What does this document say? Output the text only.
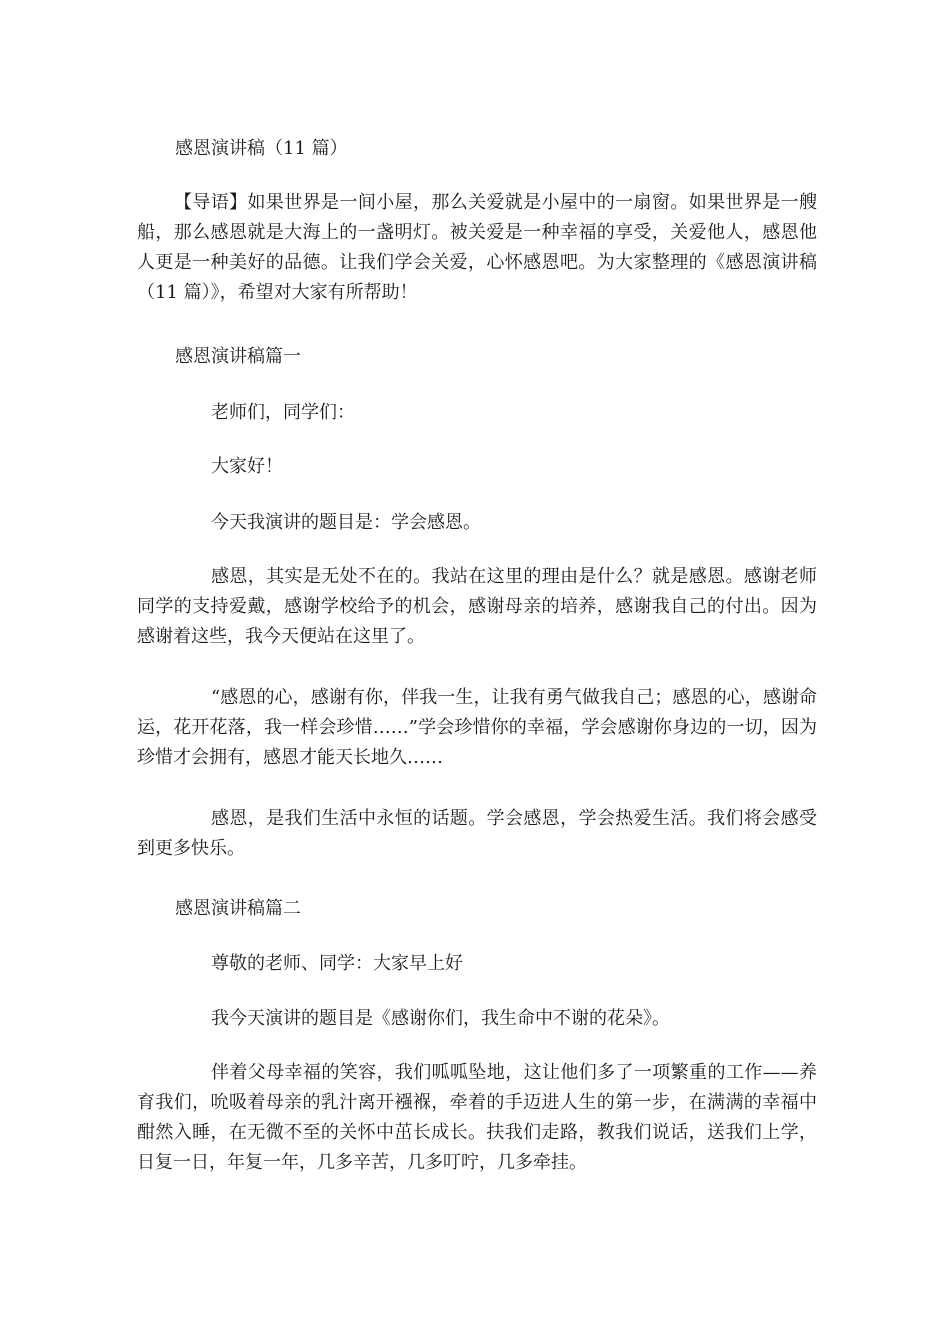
感恩演讲稿（11 篇）
【导语】如果世界是一间小屋，那么关爱就是小屋中的一扇窗。如果世界是一艘船，那么感恩就是大海上的一盏明灯。被关爱是一种幸福的享受，关爱他人，感恩他人更是一种美好的品德。让我们学会关爱，心怀感恩吧。为大家整理的《感恩演讲稿（11 篇）》，希望对大家有所帮助！
感恩演讲稿篇一
老师们，同学们：
大家好！
今天我演讲的题目是：学会感恩。
感恩，其实是无处不在的。我站在这里的理由是什么？就是感恩。感谢老师同学的支持爱戴，感谢学校给予的机会，感谢母亲的培养，感谢我自己的付出。因为感谢着这些，我今天便站在这里了。
“感恩的心，感谢有你，伴我一生，让我有勇气做我自己；感恩的心，感谢命运，花开花落，我一样会珍惜……”学会珍惜你的幸福，学会感谢你身边的一切，因为珍惜才会拥有，感恩才能天长地久……
感恩，是我们生活中永恒的话题。学会感恩，学会热爱生活。我们将会感受到更多快乐。
感恩演讲稿篇二
尊敬的老师、同学：大家早上好
我今天演讲的题目是《感谢你们，我生命中不谢的花朵》。
伴着父母幸福的笑容，我们呱呱坠地，这让他们多了一项繁重的工作——养育我们，吮吸着母亲的乳汁离开襁褓，牵着的手迈进人生的第一步，在满满的幸福中酣然入睡，在无微不至的关怀中茁长成长。扶我们走路，教我们说话，送我们上学，日复一日，年复一年，几多辛苦，几多叮咛，几多牵挂。
